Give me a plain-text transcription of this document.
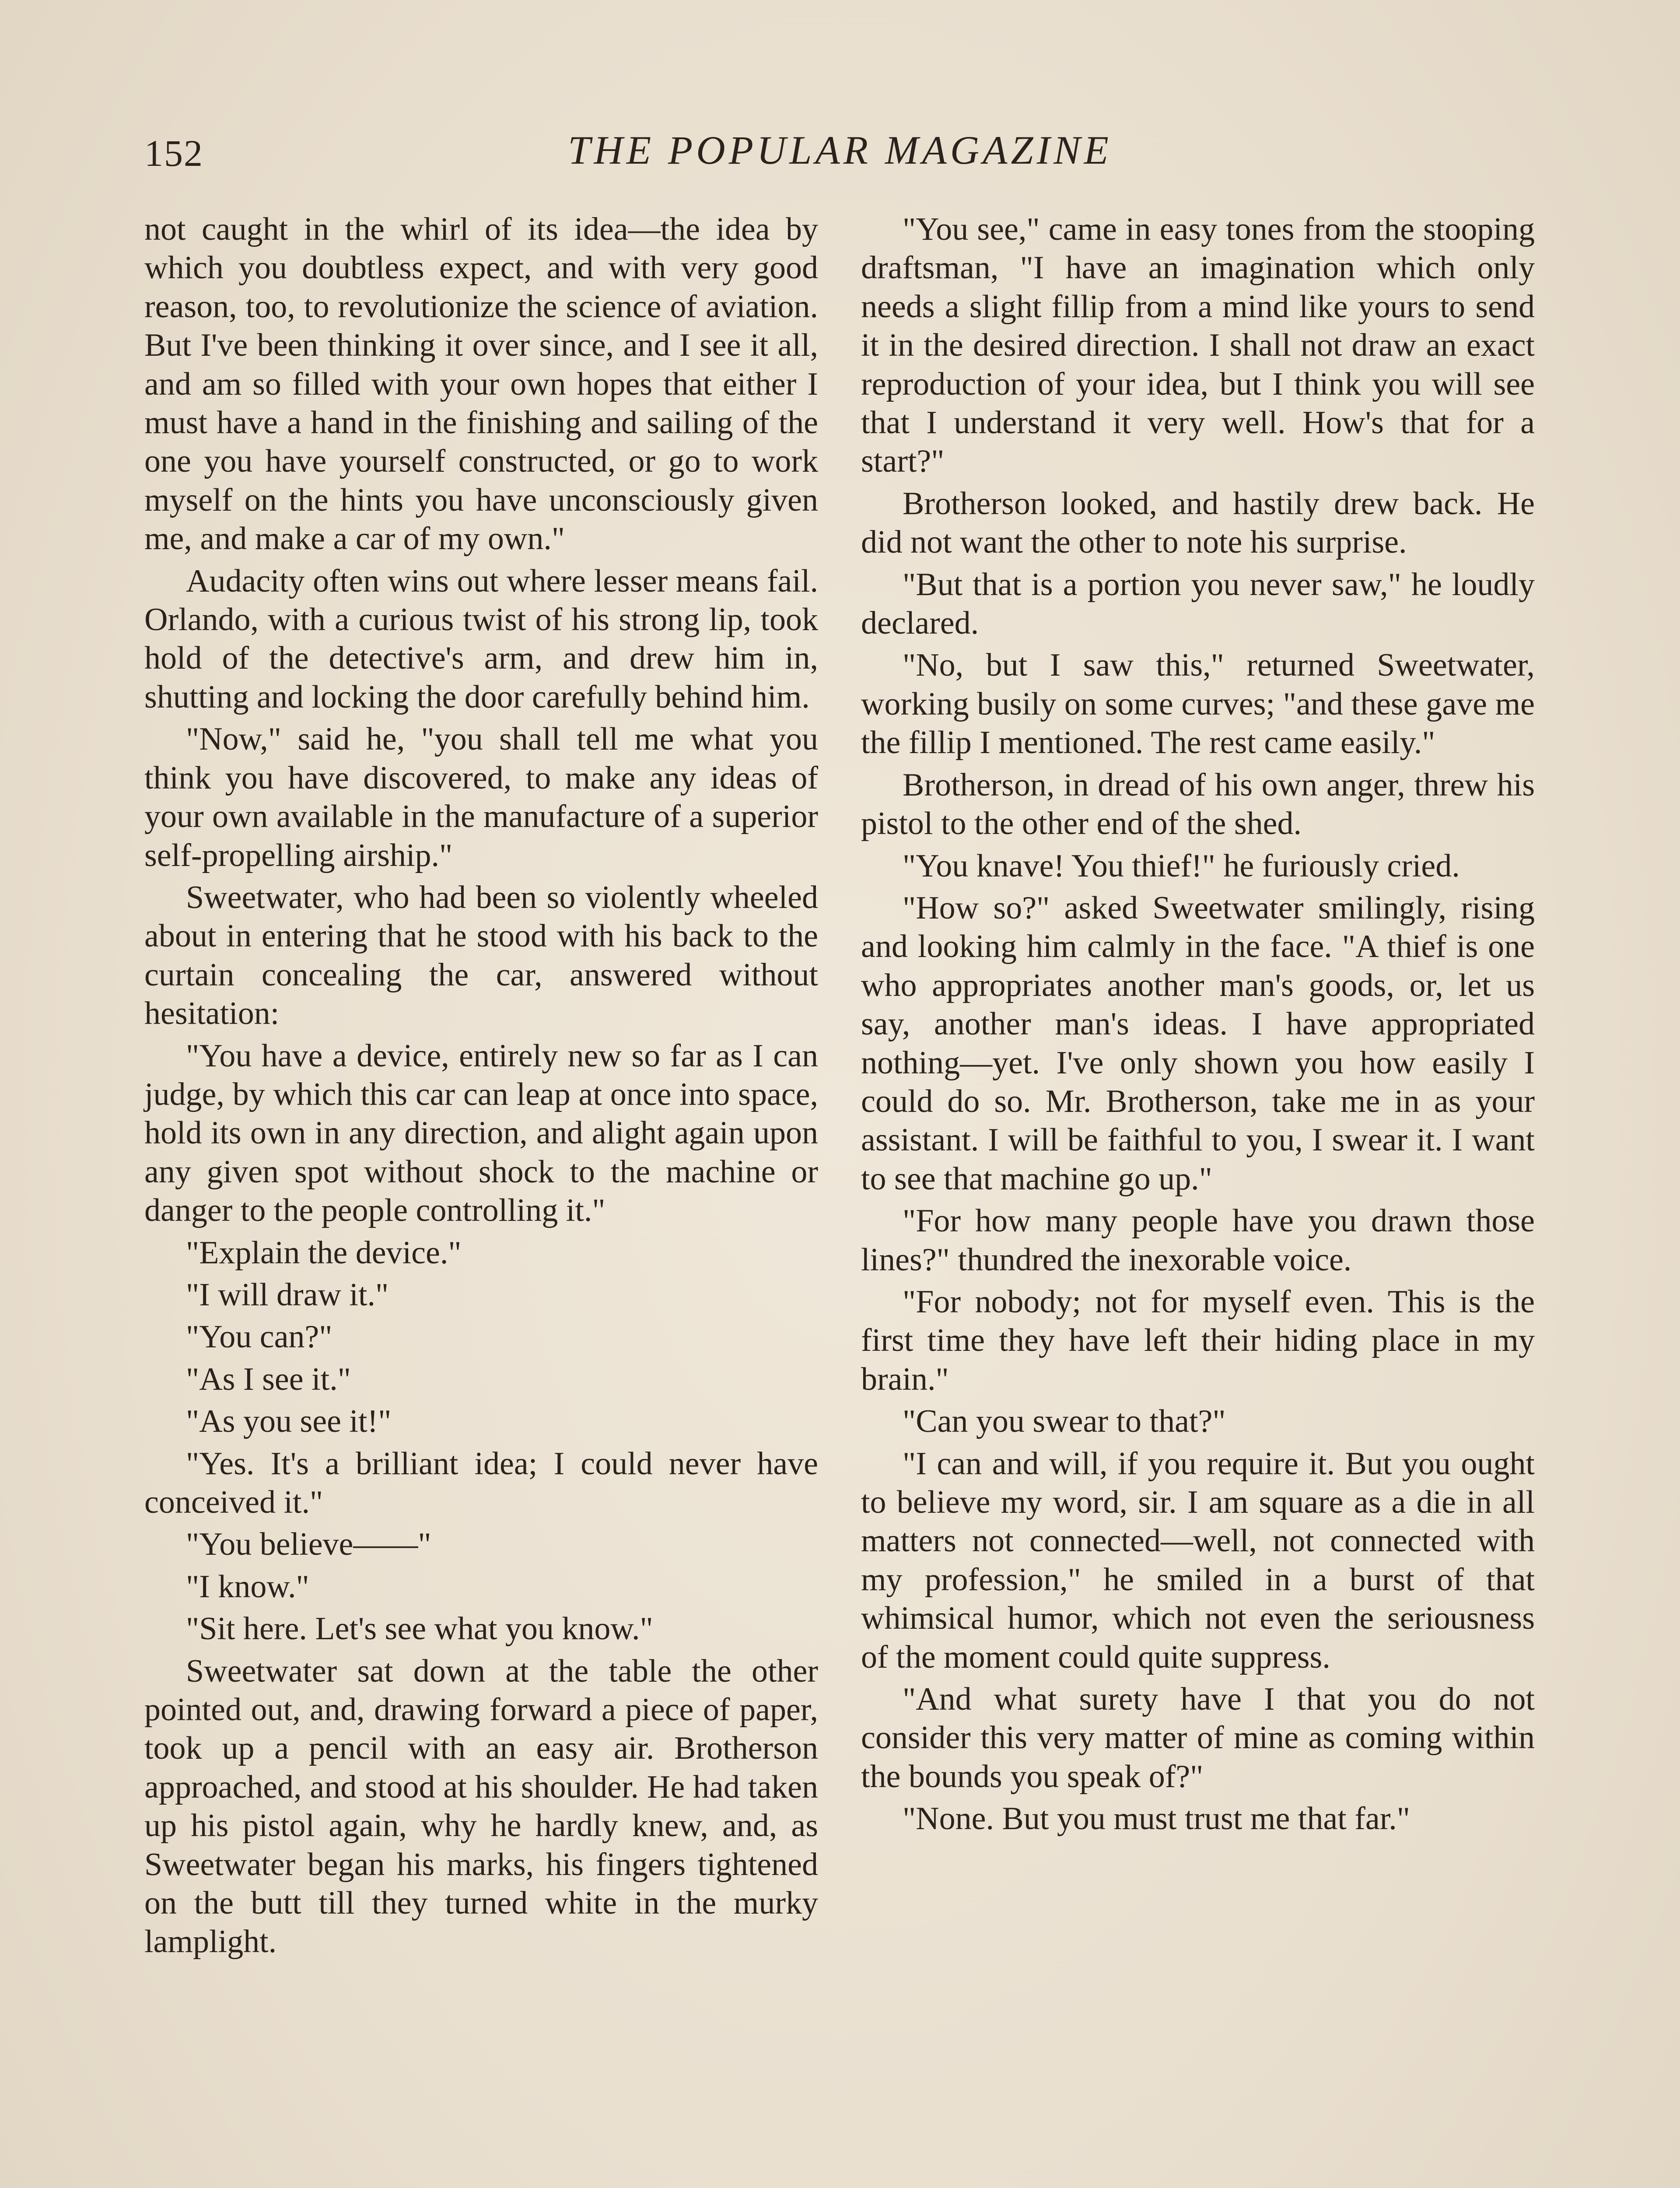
152	THE POPULAR MAGAZINE

not caught in the whirl of its idea—the idea by which you doubtless expect, and with very good reason, too, to revolutionize the science of aviation. But I've been thinking it over since, and I see it all, and am so filled with your own hopes that either I must have a hand in the finishing and sailing of the one you have yourself constructed, or go to work myself on the hints you have unconsciously given me, and make a car of my own."

Audacity often wins out where lesser means fail. Orlando, with a curious twist of his strong lip, took hold of the detective's arm, and drew him in, shutting and locking the door carefully behind him.

"Now," said he, "you shall tell me what you think you have discovered, to make any ideas of your own available in the manufacture of a superior self-propelling airship."

Sweetwater, who had been so violently wheeled about in entering that he stood with his back to the curtain concealing the car, answered without hesitation:

"You have a device, entirely new so far as I can judge, by which this car can leap at once into space, hold its own in any direction, and alight again upon any given spot without shock to the machine or danger to the people controlling it."

"Explain the device."

"I will draw it."

"You can?"

"As I see it."

"As you see it!"

"Yes. It's a brilliant idea; I could never have conceived it."

"You believe——"

"I know."

"Sit here. Let's see what you know."

Sweetwater sat down at the table the other pointed out, and, drawing forward a piece of paper, took up a pencil with an easy air. Brotherson approached, and stood at his shoulder. He had taken up his pistol again, why he hardly knew, and, as Sweetwater began his marks, his fingers tightened on the butt till they turned white in the murky lamplight.

"You see," came in easy tones from the stooping draftsman, "I have an imagination which only needs a slight fillip from a mind like yours to send it in the desired direction. I shall not draw an exact reproduction of your idea, but I think you will see that I understand it very well. How's that for a start?"

Brotherson looked, and hastily drew back. He did not want the other to note his surprise.

"But that is a portion you never saw," he loudly declared.

"No, but I saw this," returned Sweetwater, working busily on some curves; "and these gave me the fillip I mentioned. The rest came easily."

Brotherson, in dread of his own anger, threw his pistol to the other end of the shed.

"You knave! You thief!" he furiously cried.

"How so?" asked Sweetwater smilingly, rising and looking him calmly in the face. "A thief is one who appropriates another man's goods, or, let us say, another man's ideas. I have appropriated nothing—yet. I've only shown you how easily I could do so. Mr. Brotherson, take me in as your assistant. I will be faithful to you, I swear it. I want to see that machine go up."

"For how many people have you drawn those lines?" thundred the inexorable voice.

"For nobody; not for myself even. This is the first time they have left their hiding place in my brain."

"Can you swear to that?"

"I can and will, if you require it. But you ought to believe my word, sir. I am square as a die in all matters not connected—well, not connected with my profession," he smiled in a burst of that whimsical humor, which not even the seriousness of the moment could quite suppress.

"And what surety have I that you do not consider this very matter of mine as coming within the bounds you speak of?"

"None. But you must trust me that far."
